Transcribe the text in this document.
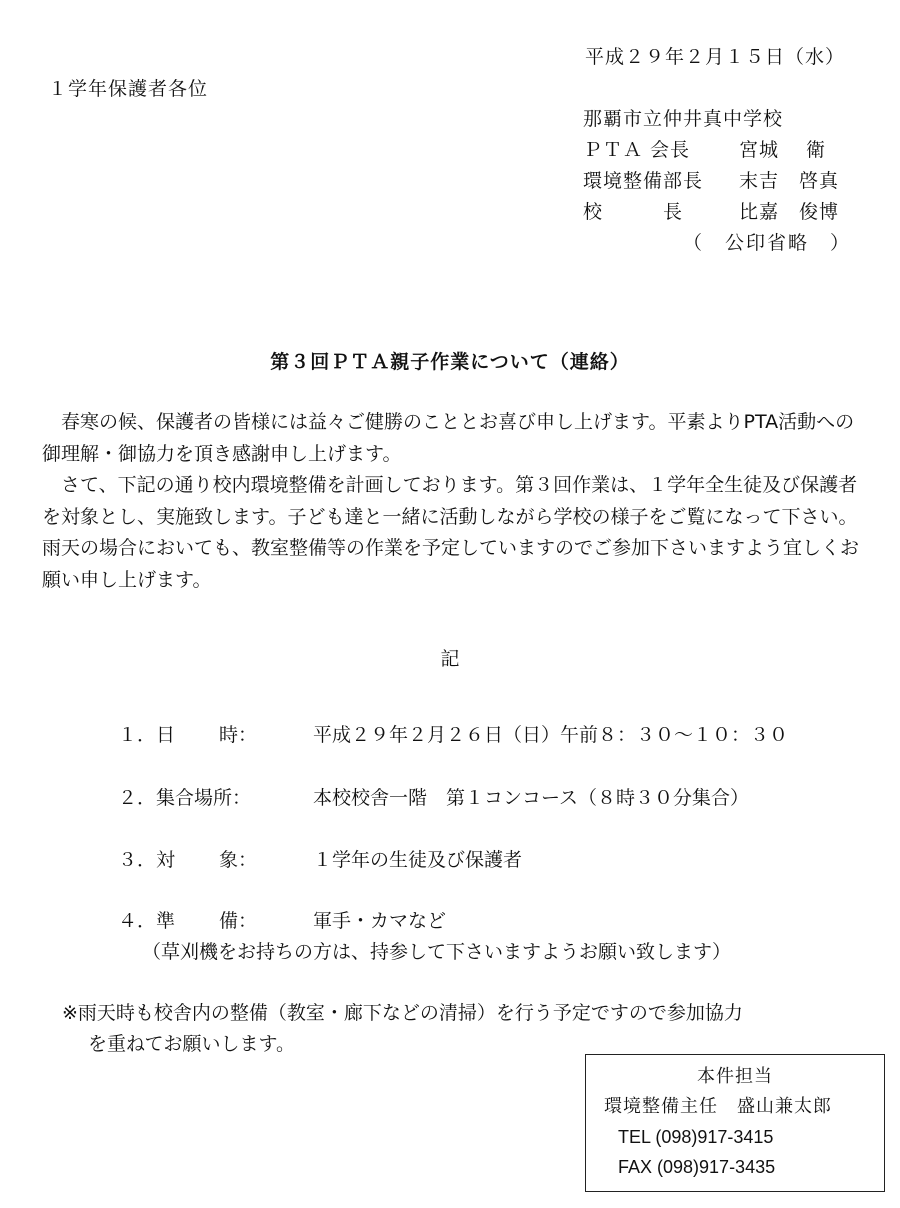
平成２９年２月１５日（水）
１学年保護者各位
那覇市立仲井真中学校
ＰＴＡ 会長	宮城　 衛
環境整備部長	末吉　啓真
校　　　長	比嘉　俊博
（　公印省略　）
第３回ＰＴＡ親子作業について（連絡）

春寒の候、保護者の皆様には益々ご健勝のこととお喜び申し上げます。平素よりPTA活動への御理解・御協力を頂き感謝申し上げます。

さて、下記の通り校内環境整備を計画しております。第３回作業は、１学年全生徒及び保護者を対象とし、実施致します。子ども達と一緒に活動しながら学校の様子をご覧になって下さい。雨天の場合においても、教室整備等の作業を予定していますのでご参加下さいますよう宜しくお願い申し上げます。

記
１．日　　 時：	平成２９年２月２６日（日）午前８：３０～１０：３０
２．集合場所：	本校校舎一階　第１コンコース（８時３０分集合）
３．対　　 象：	１学年の生徒及び保護者
４．準　　 備：	軍手・カマなど
（草刈機をお持ちの方は、持参して下さいますようお願い致します）
※雨天時も校舎内の整備（教室・廊下などの清掃）を行う予定ですので参加協力
を重ねてお願いします。
本件担当
環境整備主任　盛山兼太郎
TEL (098)917-3415
FAX (098)917-3435
